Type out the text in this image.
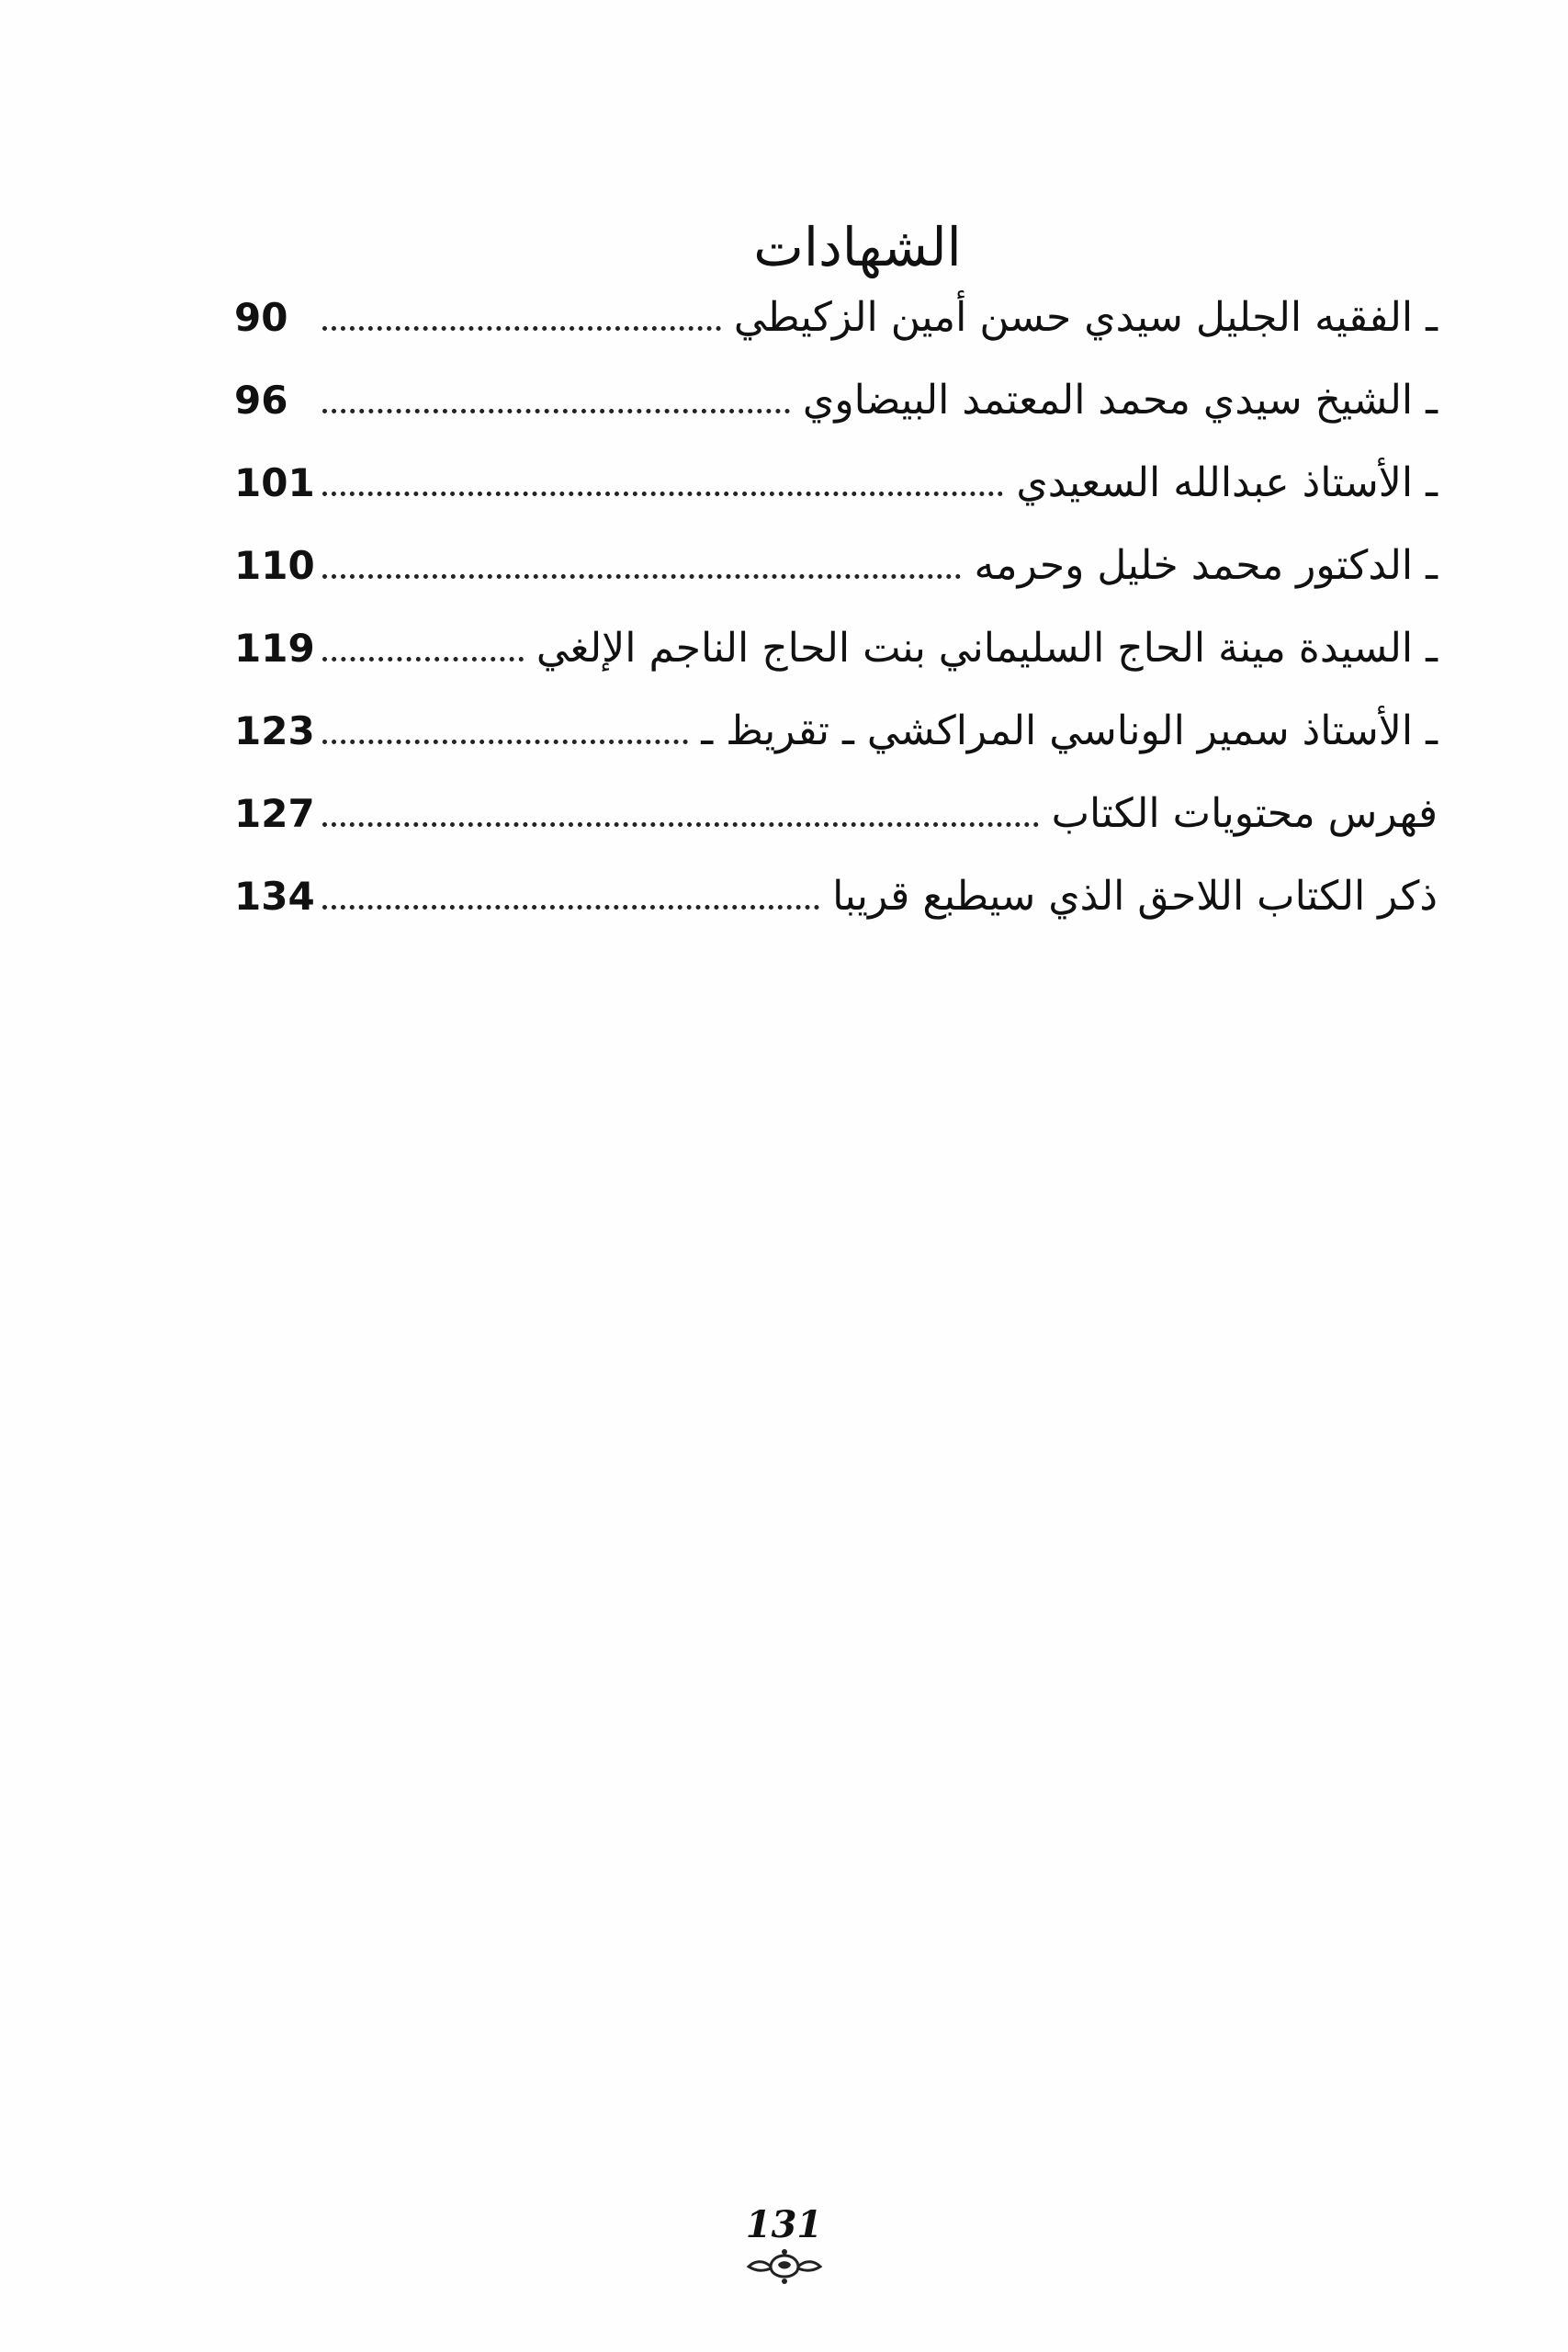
الشهادات
90	ـ الفقيه الجليل سيدي حسن أمين الزكيطي
96	ـ الشيخ سيدي محمد المعتمد البيضاوي
101	ـ الأستاذ عبدالله السعيدي
110	ـ الدكتور محمد خليل وحرمه
119	ـ السيدة مينة الحاج السليماني بنت الحاج الناجم الإلغي
123	ـ الأستاذ سمير الوناسي المراكشي ـ تقريظ ـ
127	فهرس محتويات الكتاب
134	ذكر الكتاب اللاحق الذي سيطبع قريبا
131
